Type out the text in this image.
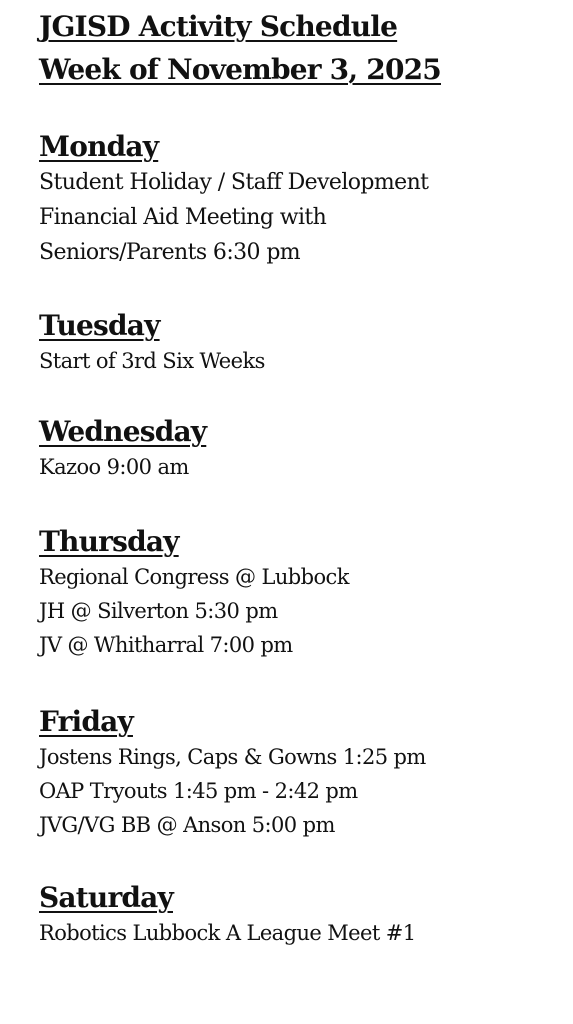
JGISD Activity Schedule
Week of November 3, 2025
Monday
Student Holiday / Staff Development
Financial Aid Meeting with
Seniors/Parents 6:30 pm
Tuesday
Start of 3rd Six Weeks
Wednesday
Kazoo 9:00 am
Thursday
Regional Congress @ Lubbock
JH @ Silverton 5:30 pm
JV @ Whitharral 7:00 pm
Friday
Jostens Rings, Caps & Gowns 1:25 pm
OAP Tryouts 1:45 pm - 2:42 pm
JVG/VG BB @ Anson 5:00 pm
Saturday
Robotics Lubbock A League Meet #1
